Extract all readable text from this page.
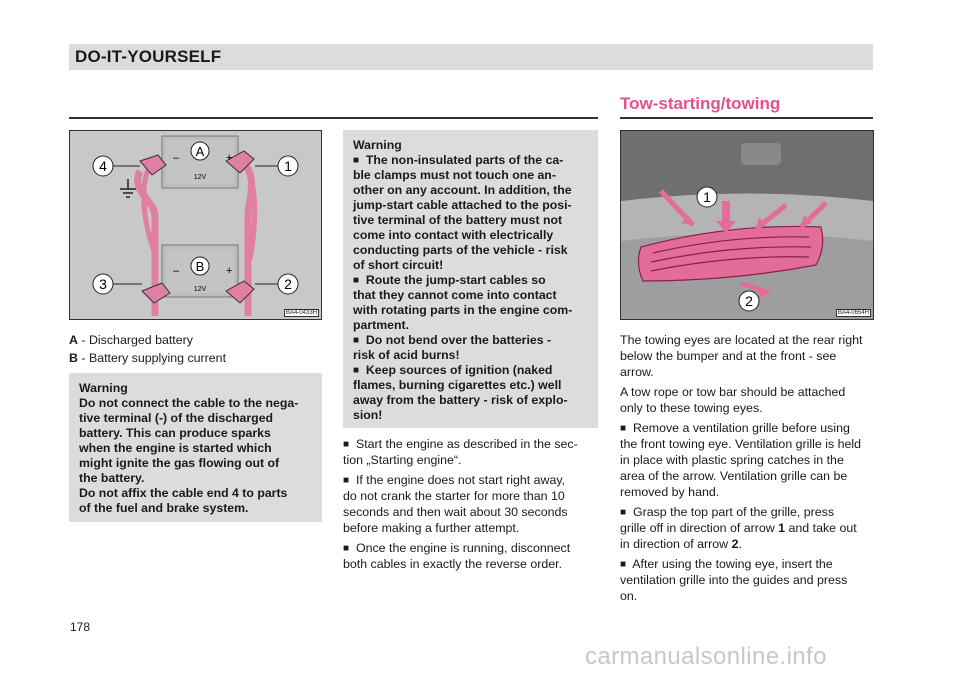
DO-IT-YOURSELF
Tow-starting/towing
4	1
3	2
A
B
12V
12V
–	+
–	+
BA4-0433H

A - Discharged battery

B - Battery supplying current

Warning
Do not connect the cable to the nega-
tive terminal (-) of the discharged
battery. This can produce sparks
when the engine is started which
might ignite the gas flowing out of
the battery.
Do not affix the cable end 4 to parts
of the fuel and brake system.
Warning
■ The non-insulated parts of the ca-
ble clamps must not touch one an-
other on any account. In addition, the
jump-start cable attached to the posi-
tive terminal of the battery must not
come into contact with electrically
conducting parts of the vehicle - risk
of short circuit!
■ Route the jump-start cables so
that they cannot come into contact
with rotating parts in the engine com-
partment.
■ Do not bend over the batteries -
risk of acid burns!
■ Keep sources of ignition (naked
flames, burning cigarettes etc.) well
away from the battery - risk of explo-
sion!

■ Start the engine as described in the sec-

tion „Starting engine“.

■ If the engine does not start right away,

do not crank the starter for more than 10

seconds and then wait about 30 seconds

before making a further attempt.

■ Once the engine is running, disconnect

both cables in exactly the reverse order.

1
2
BA4-0654H

The towing eyes are located at the rear right

below the bumper and at the front - see

arrow.

A tow rope or tow bar should be attached

only to these towing eyes.

■ Remove a ventilation grille before using

the front towing eye. Ventilation grille is held

in place with plastic spring catches in the

area of the arrow. Ventilation grille can be

removed by hand.

■ Grasp the top part of the grille, press

grille off in direction of arrow 1 and take out

in direction of arrow 2.

■ After using the towing eye, insert the

ventilation grille into the guides and press

on.

178
carmanualsonline.info
